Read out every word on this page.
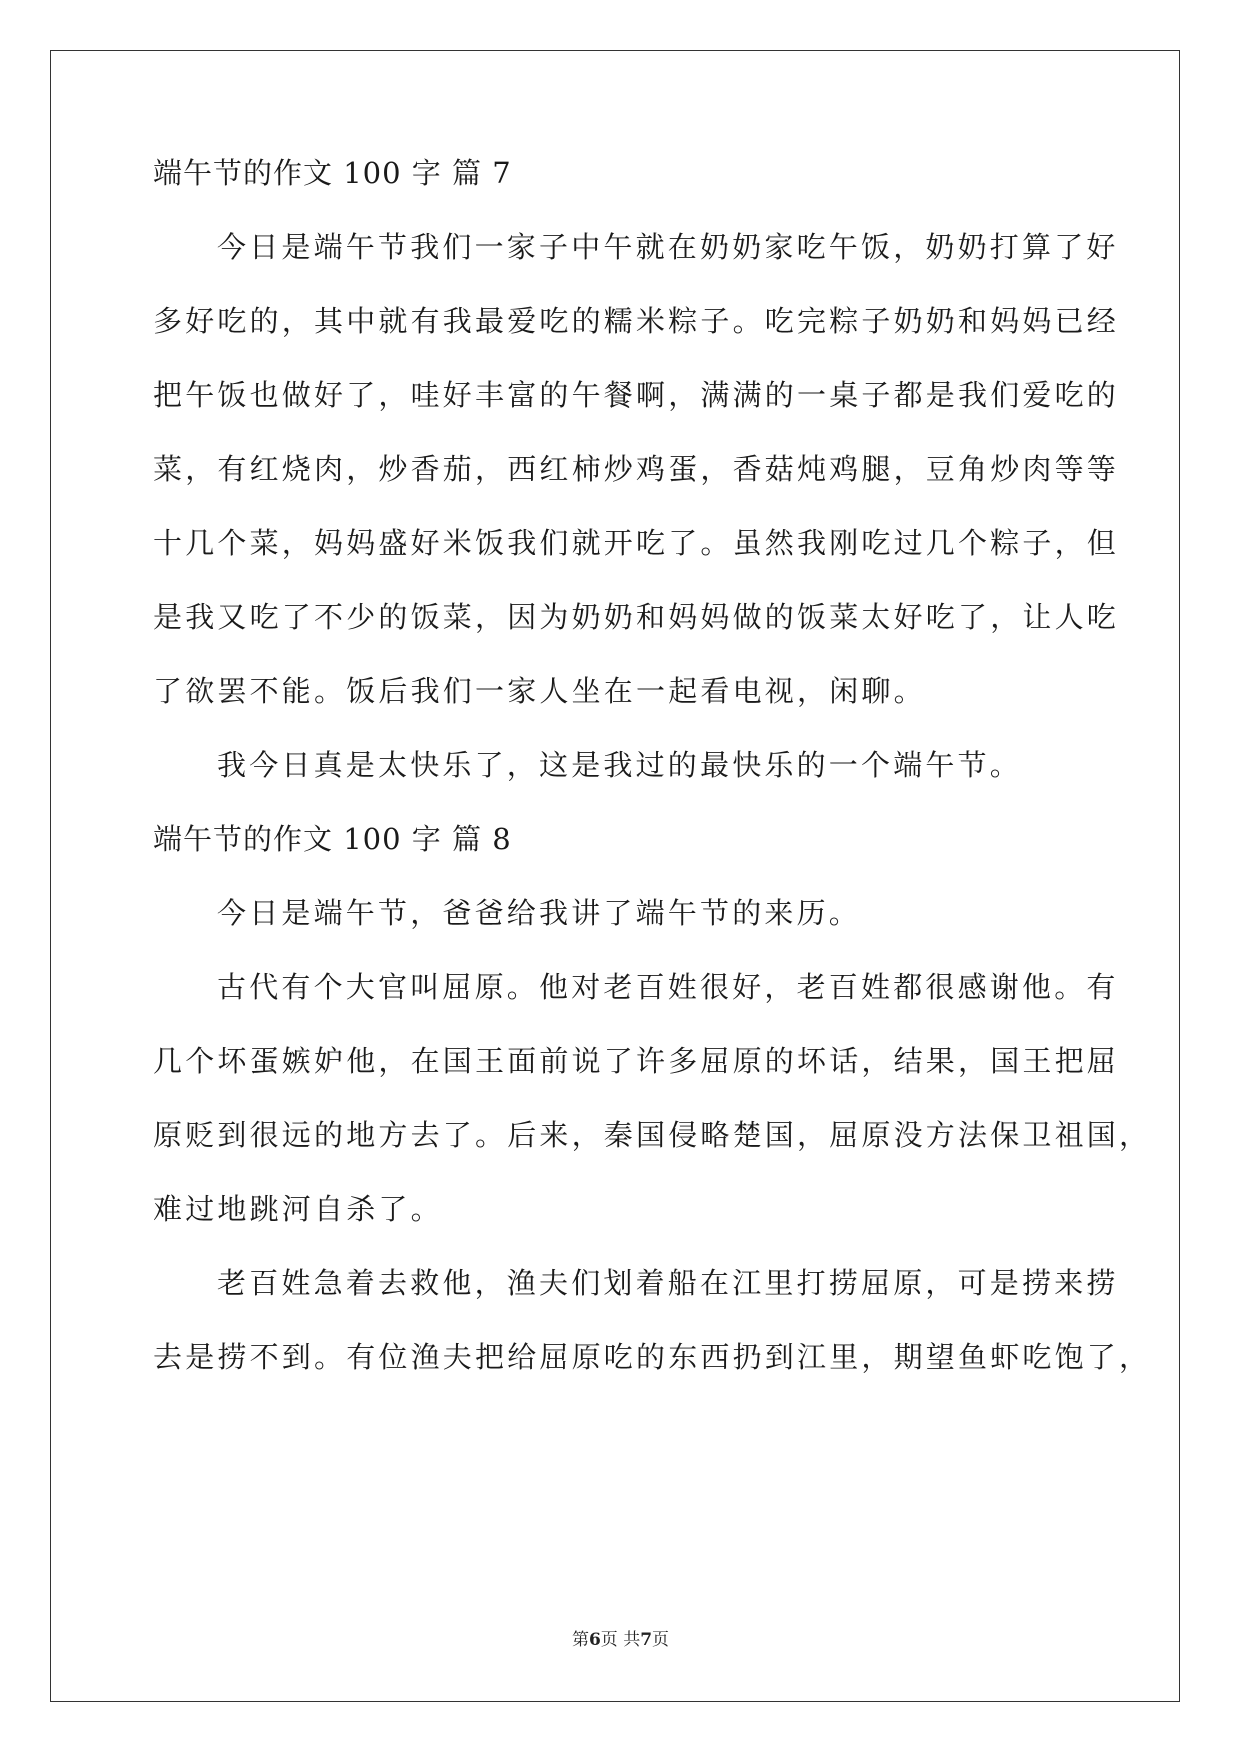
端午节的作文 100 字 篇 7
今日是端午节我们一家子中午就在奶奶家吃午饭，奶奶打算了好
多好吃的，其中就有我最爱吃的糯米粽子。吃完粽子奶奶和妈妈已经
把午饭也做好了，哇好丰富的午餐啊，满满的一桌子都是我们爱吃的
菜，有红烧肉，炒香茄，西红柿炒鸡蛋，香菇炖鸡腿，豆角炒肉等等
十几个菜，妈妈盛好米饭我们就开吃了。虽然我刚吃过几个粽子，但
是我又吃了不少的饭菜，因为奶奶和妈妈做的饭菜太好吃了，让人吃
了欲罢不能。饭后我们一家人坐在一起看电视，闲聊。
我今日真是太快乐了，这是我过的最快乐的一个端午节。
端午节的作文 100 字 篇 8
今日是端午节，爸爸给我讲了端午节的来历。
古代有个大官叫屈原。他对老百姓很好，老百姓都很感谢他。有
几个坏蛋嫉妒他，在国王面前说了许多屈原的坏话，结果，国王把屈
原贬到很远的地方去了。后来，秦国侵略楚国，屈原没方法保卫祖国，
难过地跳河自杀了。
老百姓急着去救他，渔夫们划着船在江里打捞屈原，可是捞来捞
去是捞不到。有位渔夫把给屈原吃的东西扔到江里，期望鱼虾吃饱了，
第6页 共7页
